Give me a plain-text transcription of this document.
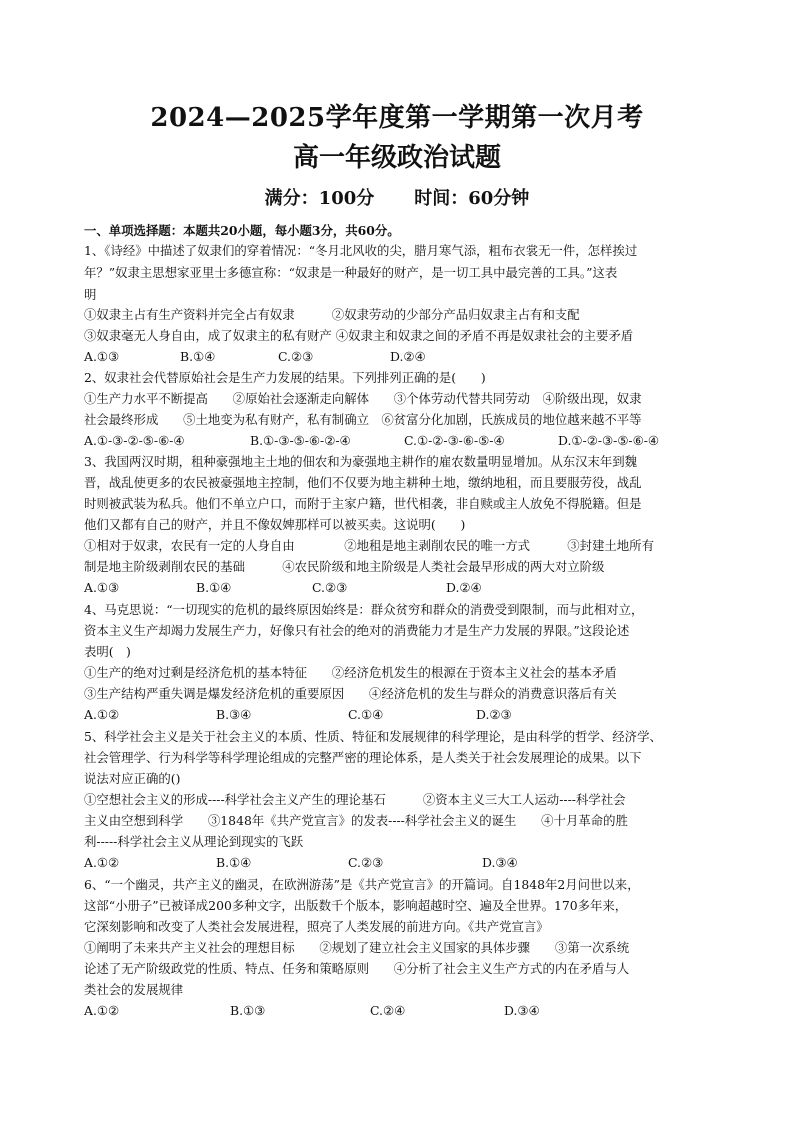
2024—2025学年度第一学期第一次月考
高一年级政治试题
满分：100分 时间：60分钟
一、单项选择题：本题共20小题，每小题3分，共60分。
1、《诗经》中描述了奴隶们的穿着情况：“冬月北风收的尖，腊月寒气添，粗布衣裳无一件，怎样挨过
年？”奴隶主思想家亚里士多德宣称：“奴隶是一种最好的财产，是一切工具中最完善的工具。”这表
明
①奴隶主占有生产资料并完全占有奴隶　　　②奴隶劳动的少部分产品归奴隶主占有和支配
③奴隶毫无人身自由，成了奴隶主的私有财产 ④奴隶主和奴隶之间的矛盾不再是奴隶社会的主要矛盾
A.①③	B.①④	C.②③	D.②④
2、奴隶社会代替原始社会是生产力发展的结果。下列排列正确的是(　　)
①生产力水平不断提高　　②原始社会逐渐走向解体　　③个体劳动代替共同劳动　④阶级出现，奴隶
社会最终形成　　⑤土地变为私有财产，私有制确立　⑥贫富分化加剧，氏族成员的地位越来越不平等
A.①-③-②-⑤-⑥-④	B.①-③-⑤-⑥-②-④	C.①-②-③-⑥-⑤-④	D.①-②-③-⑤-⑥-④
3、我国两汉时期，租种豪强地主土地的佃农和为豪强地主耕作的雇农数量明显增加。从东汉末年到魏
晋，战乱使更多的农民被豪强地主控制，他们不仅要为地主耕种土地，缴纳地租，而且要服劳役，战乱
时则被武装为私兵。他们不单立户口，而附于主家户籍，世代相袭，非自赎或主人放免不得脱籍。但是
他们又都有自己的财产，并且不像奴婢那样可以被买卖。这说明(　　)
①相对于奴隶，农民有一定的人身自由　　　　②地租是地主剥削农民的唯一方式　　　③封建土地所有
制是地主阶级剥削农民的基础　　　④农民阶级和地主阶级是人类社会最早形成的两大对立阶级
A.①③	B.①④	C.②③	D.②④
4、马克思说：“一切现实的危机的最终原因始终是：群众贫穷和群众的消费受到限制，而与此相对立，
资本主义生产却竭力发展生产力，好像只有社会的绝对的消费能力才是生产力发展的界限。”这段论述
表明(　)
①生产的绝对过剩是经济危机的基本特征　　②经济危机发生的根源在于资本主义社会的基本矛盾
③生产结构严重失调是爆发经济危机的重要原因　　④经济危机的发生与群众的消费意识落后有关
A.①②	B.③④	C.①④	D.②③
5、科学社会主义是关于社会主义的本质、性质、特征和发展规律的科学理论，是由科学的哲学、经济学、
社会管理学、行为科学等科学理论组成的完整严密的理论体系，是人类关于社会发展理论的成果。以下
说法对应正确的()
①空想社会主义的形成----科学社会主义产生的理论基石　　　②资本主义三大工人运动----科学社会
主义由空想到科学　　③1848年《共产党宣言》的发表----科学社会主义的诞生　　④十月革命的胜
利-----科学社会主义从理论到现实的飞跃
A.①②	B.①④	C.②③	D.③④
6、“一个幽灵，共产主义的幽灵，在欧洲游荡”是《共产党宣言》的开篇词。自1848年2月问世以来，
这部“小册子”已被译成200多种文字，出版数千个版本，影响超越时空、遍及全世界。170多年来，
它深刻影响和改变了人类社会发展进程，照亮了人类发展的前进方向。《共产党宣言》
①阐明了未来共产主义社会的理想目标　　②规划了建立社会主义国家的具体步骤　　③第一次系统
论述了无产阶级政党的性质、特点、任务和策略原则　　④分析了社会主义生产方式的内在矛盾与人
类社会的发展规律
A.①②	B.①③	C.②④	D.③④
